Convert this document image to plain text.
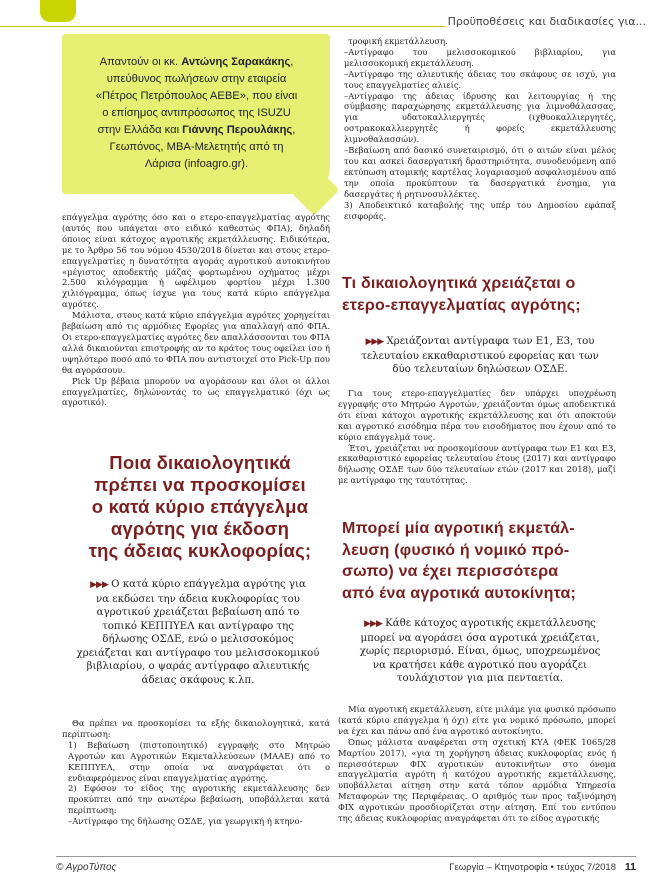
Προϋποθέσεις και διαδικασίες για...
Απαντούν οι κκ. Αντώνης Σαρακάκης,
υπεύθυνος πωλήσεων στην εταιρεία
«Πέτρος Πετρόπουλος ΑΕΒΕ», που είναι
ο επίσημος αντιπρόσωπος της ISUZU
στην Ελλάδα και Γιάννης Περουλάκης,
Γεωπόνος, MBA-Μελετητής από τη
Λάρισα (infoagro.gr).

επάγγελμα αγρότης όσο και ο ετερο-επαγγελματίας αγρότης (αυτός που υπάγεται στο ειδικό καθεστώς ΦΠΑ), δηλαδή όποιος είναι κάτοχος αγροτικής εκμετάλλευσης. Ειδικότερα, με το Άρθρο 56 του νόμου 4530/2018 δίνεται και στους ετερο-επαγγελματίες η δυνατότητα αγοράς αγροτικού αυτοκινήτου «μέγιστος αποδεκτής μάζας φορτωμένου οχήματος μέχρι 2.500 κιλόγραμμα ή ωφέλιμου φορτίου μέχρι 1.300 χιλιόγραμμα, όπως ίσχυε για τους κατά κύριο επάγγελμα αγρότες.

Μάλιστα, στους κατά κύριο επάγγελμα αγρότες χορηγείται βεβαίωση από τις αρμόδιες Εφορίες για απαλλαγή από ΦΠΑ. Οι ετερο-επαγγελματίες αγρότες δεν απαλλάσσονται του ΦΠΑ αλλά δικαιούνται επιστροφής αν το κράτος τους οφείλει ίσο ή υψηλότερο ποσό από το ΦΠΑ που αντιστοιχεί στο Pick-Up που θα αγοράσουν.

Pick Up βέβαια μπορούν να αγοράσουν και όλοι οι άλλοι επαγγελματίες, δηλώνοντάς το ως επαγγελματικό (όχι ως αγροτικό).

Ποια δικαιολογητικά
πρέπει να προσκομίσει
ο κατά κύριο επάγγελμα
αγρότης για έκδοση
της άδειας κυκλοφορίας;
▶▶▶ Ο κατά κύριο επάγγελμα αγρότης για
να εκδώσει την άδεια κυκλοφορίας του
αγροτικού χρειάζεται βεβαίωση από το
τοπικό ΚΕΠΠΥΕΛ και αντίγραφο της
δήλωσης ΟΣΔΕ, ενώ ο μελισσοκόμος
χρειάζεται και αντίγραφο του μελισσοκομικού
βιβλιαρίου, ο ψαράς αντίγραφο αλιευτικής
άδειας σκάφους κ.λπ.

Θα πρέπει να προσκομίσει τα εξής δικαιολογητικά, κατά περίπτωση:

1) Βεβαίωση (πιστοποιητικό) εγγραφής στο Μητρώο Αγροτών και Αγροτικών Εκμεταλλεύσεων (ΜΑΑΕ) από το ΚΕΠΠΥΕΛ, στην οποία να αναγράφεται ότι ο ενδιαφερόμενος είναι επαγγελματίας αγρότης.

2) Εφόσον το είδος της αγροτικής εκμετάλλευσης δεν προκύπτει από την ανωτέρω βεβαίωση, υποβάλλεται κατά περίπτωση:

–Αντίγραφο της δήλωσης ΟΣΔΕ, για γεωργική ή κτηνο-

τροφική εκμετάλλευση.

–Αντίγραφο του μελισσοκομικού βιβλιαρίου, για μελισσοκομική εκμετάλλευση.

–Αντίγραφο της αλιευτικής άδειας του σκάφους σε ισχύ, για τους επαγγελματίες αλιείς.

–Αντίγραφο της άδειας ίδρυσης και λειτουργίας ή της σύμβασης παραχώρησης εκμετάλλευσης για λιμνοθάλασσας, για υδατοκαλλιεργητές (ιχθυοκαλλιεργητές, οστρακοκαλλιεργητές ή φορείς εκμετάλλευσης λιμνοθαλασσών).

–Βεβαίωση από δασικό συνεταιρισμό, ότι ο αιτών είναι μέλος του και ασκεί δασεργατική δραστηριότητα, συνοδευόμενη από εκτύπωση ατομικής καρτέλας λογαριασμού ασφαλισμένου από την οποία προκύπτουν τα δασεργατικά ένσημα, για δασεργάτες ή ρητινοσυλλέκτες.

3) Αποδεικτικό καταβολής της υπέρ του Δημοσίου εφάπαξ εισφοράς.

Τι δικαιολογητικά χρειάζεται ο
ετερο-επαγγελματίας αγρότης;
▶▶▶ Χρειάζονται αντίγραφα των Ε1, Ε3, του
τελευταίου εκκαθαριστικού εφορείας και των
δύο τελευταίων δηλώσεων ΟΣΔΕ.

Για τους ετερο-επαγγελματίες δεν υπάρχει υποχρέωση εγγραφής στο Μητρώο Αγροτών, χρειάζονται όμως αποδεικτικά ότι είναι κάτοχοι αγροτικής εκμετάλλευσης και ότι αποκτούν και αγροτικό εισόδημα πέρα του εισοδήματος που έχουν από το κύριο επάγγελμά τους.

Έτσι, χρειάζεται να προσκομίσουν αντίγραφα των Ε1 και Ε3, εκκαθαριστικό εφορείας τελευταίου έτους (2017) και αντίγραφο δήλωσης ΟΣΔΕ των δύο τελευταίων ετών (2017 και 2018), μαζί με αντίγραφο της ταυτότητας.

Μπορεί μία αγροτική εκμετάλ-
λευση (φυσικό ή νομικό πρό-
σωπο) να έχει περισσότερα
από ένα αγροτικά αυτοκίνητα;
▶▶▶ Κάθε κάτοχος αγροτικής εκμετάλλευσης
μπορεί να αγοράσει όσα αγροτικά χρειάζεται,
χωρίς περιορισμό. Είναι, όμως, υποχρεωμένος
να κρατήσει κάθε αγροτικό που αγοράζει
τουλάχιστον για μια πενταετία.

Μία αγροτική εκμετάλλευση, είτε μιλάμε για φυσικό πρόσωπο (κατά κύριο επάγγελμα ή όχι) είτε για νομικό πρόσωπο, μπορεί να έχει και πάνω από ένα αγροτικό αυτοκίνητο.

Όπως μάλιστα αναφέρεται στη σχετική ΚΥΑ (ΦΕΚ 1065/28 Μαρτίου 2017), «για τη χορήγηση άδειας κυκλοφορίας ενός ή περισσότερων ΦΙΧ αγροτικών αυτοκινήτων στο όνομα επαγγελματία αγρότη ή κατόχου αγροτικής εκμετάλλευσης, υποβάλλεται αίτηση στην κατά τόπον αρμόδια Υπηρεσία Μεταφορών της Περιφέρειας. Ο αριθμός των προς ταξινόμηση ΦΙΧ αγροτικών προσδιορίζεται στην αίτηση. Επί του εντύπου της άδειας κυκλοφορίας αναγράφεται ότι το είδος αγροτικής

© ΑγροΤύπος	Γεωργία – Κτηνοτροφία • τεύχος 7/2018 11
